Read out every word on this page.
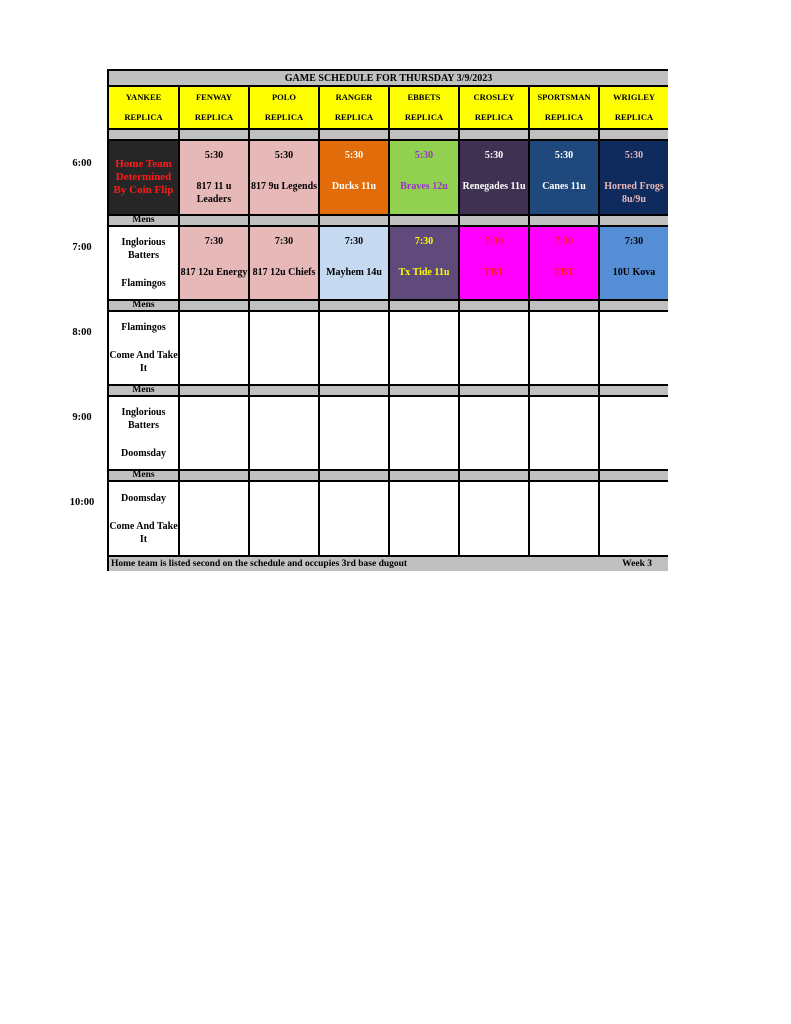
GAME SCHEDULE FOR THURSDAY 3/9/2023
YANKEE
REPLICA
FENWAY
REPLICA
POLO
REPLICA
RANGER
REPLICA
EBBETS
REPLICA
CROSLEY
REPLICA
SPORTSMAN
REPLICA
WRIGLEY
REPLICA
Home Team Determined By Coin Flip
5:30
817 11 u Leaders
5:30
817 9u Legends
5:30
Ducks 11u
5:30
Braves 12u
5:30
Renegades 11u
5:30
Canes 11u
5:30
Horned Frogs 8u/9u
Mens
Inglorious Batters
Flamingos
7:30
817 12u Energy
7:30
817 12u Chiefs
7:30
Mayhem 14u
7:30
Tx Tide 11u
7:30
TBT
7:30
TBT
7:30
10U Kova
Mens
Flamingos
Come And Take It
Mens
Inglorious Batters
Doomsday
Mens
Doomsday
Come And Take It
Home team is listed second on the schedule and occupies 3rd base dugout	Week 3
6:00
7:00
8:00
9:00
10:00
